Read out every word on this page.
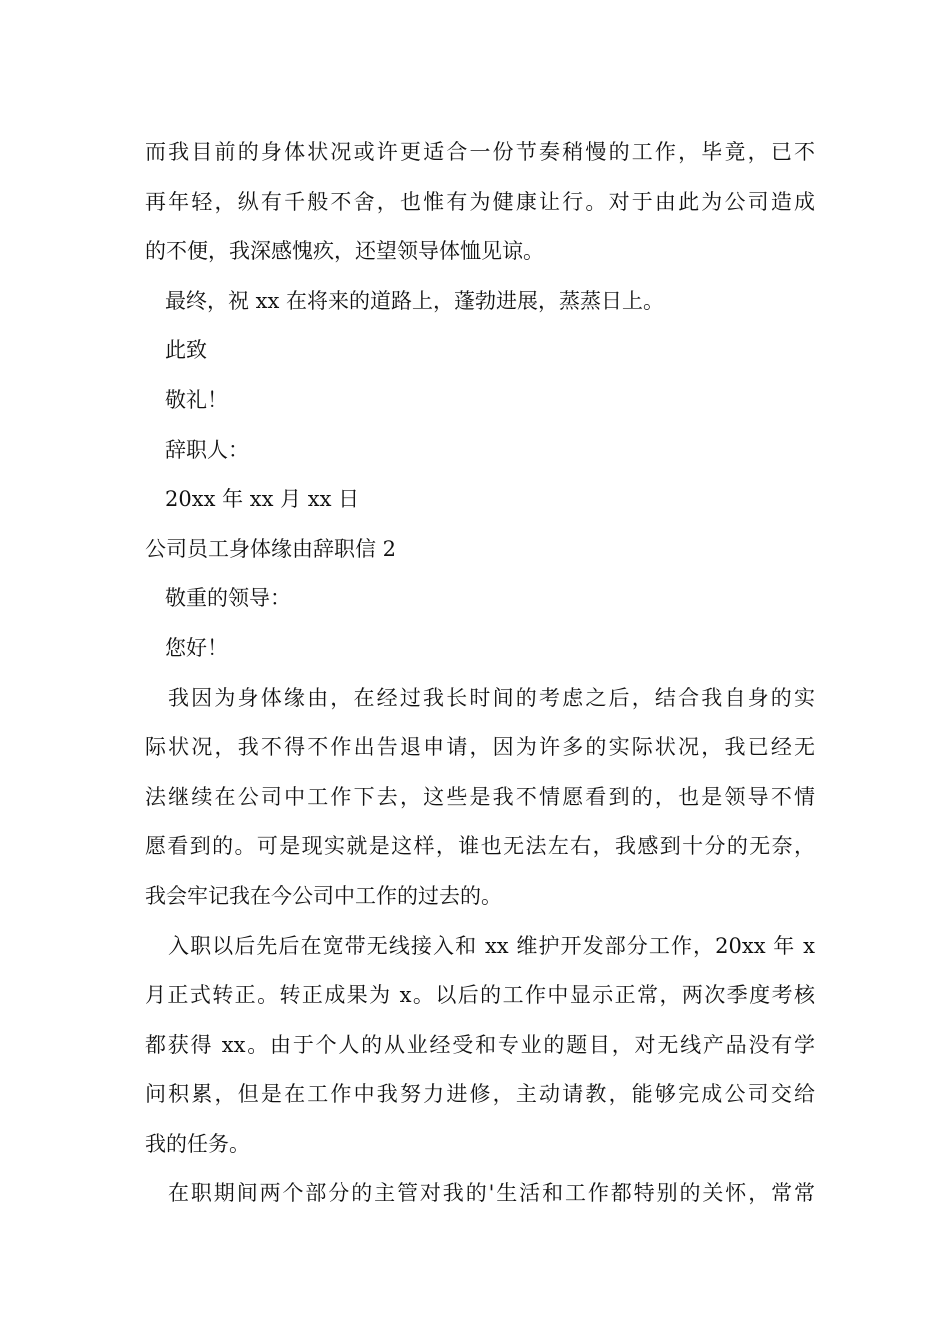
而我目前的身体状况或许更适合一份节奏稍慢的工作，毕竟，已不
再年轻，纵有千般不舍，也惟有为健康让行。对于由此为公司造成
的不便，我深感愧疚，还望领导体恤见谅。
最终，祝 xx 在将来的道路上，蓬勃进展，蒸蒸日上。
此致
敬礼！
辞职人：
20xx 年 xx 月 xx 日
公司员工身体缘由辞职信 2
敬重的领导：
您好！
我因为身体缘由，在经过我长时间的考虑之后，结合我自身的实
际状况，我不得不作出告退申请，因为许多的实际状况，我已经无
法继续在公司中工作下去，这些是我不情愿看到的，也是领导不情
愿看到的。可是现实就是这样，谁也无法左右，我感到十分的无奈，
我会牢记我在今公司中工作的过去的。
入职以后先后在宽带无线接入和 xx 维护开发部分工作，20xx 年 x
月正式转正。转正成果为 x。以后的工作中显示正常，两次季度考核
都获得 xx。由于个人的从业经受和专业的题目，对无线产品没有学
问积累，但是在工作中我努力进修，主动请教，能够完成公司交给
我的任务。
在职期间两个部分的主管对我的'生活和工作都特别的关怀，常常
